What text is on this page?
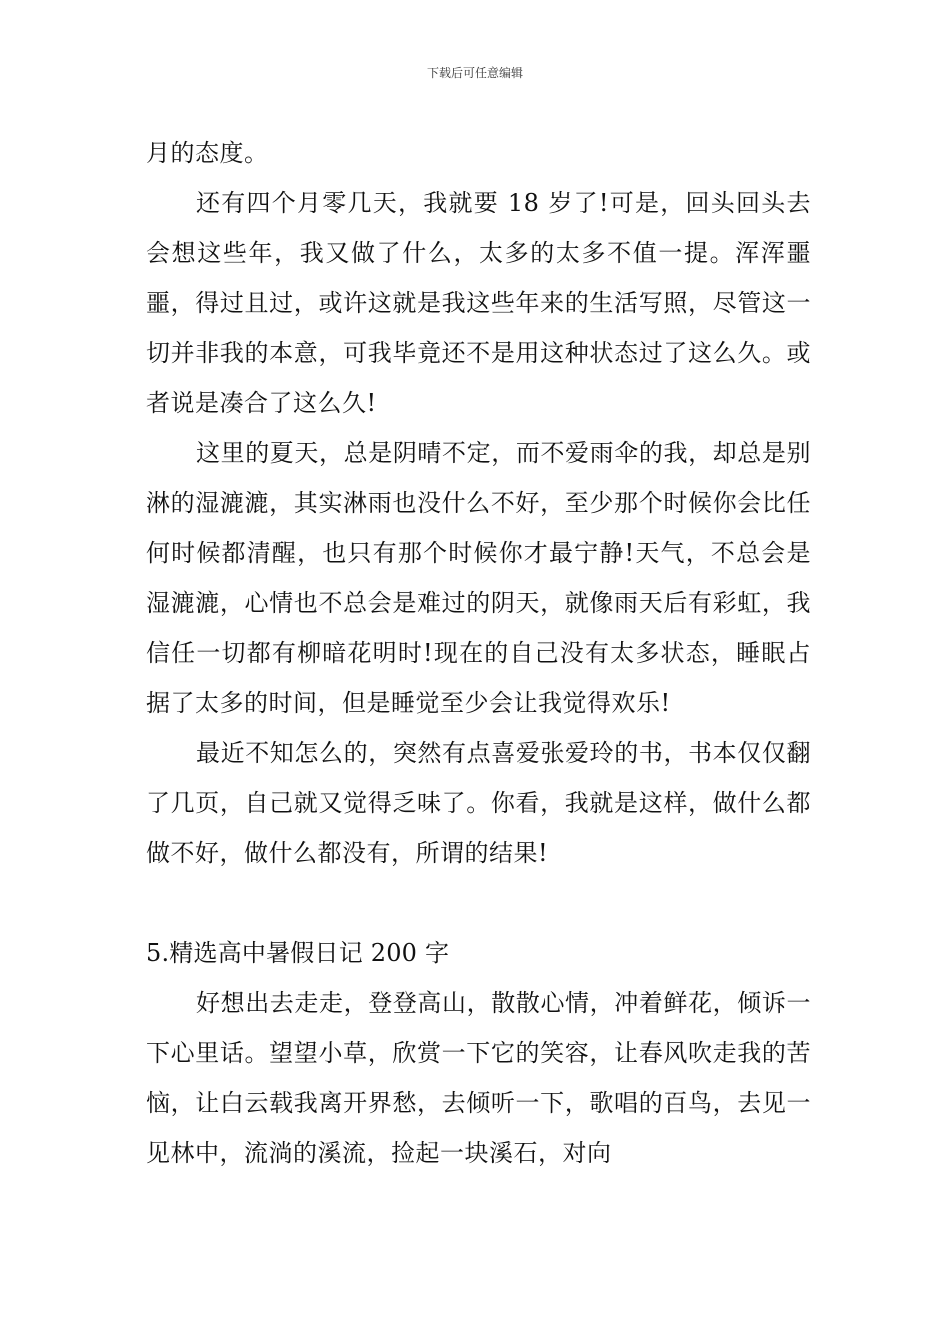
下载后可任意编辑

月的态度。

还有四个月零几天，我就要 18 岁了!可是，回头回头去会想这些年，我又做了什么，太多的太多不值一提。浑浑噩噩，得过且过，或许这就是我这些年来的生活写照，尽管这一切并非我的本意，可我毕竟还不是用这种状态过了这么久。或者说是凑合了这么久!

这里的夏天，总是阴晴不定，而不爱雨伞的我，却总是别淋的湿漉漉，其实淋雨也没什么不好，至少那个时候你会比任何时候都清醒，也只有那个时候你才最宁静!天气，不总会是湿漉漉，心情也不总会是难过的阴天，就像雨天后有彩虹，我信任一切都有柳暗花明时!现在的自己没有太多状态，睡眠占据了太多的时间，但是睡觉至少会让我觉得欢乐!

最近不知怎么的，突然有点喜爱张爱玲的书，书本仅仅翻了几页，自己就又觉得乏味了。你看，我就是这样，做什么都做不好，做什么都没有，所谓的结果!

5.精选高中暑假日记 200 字

好想出去走走，登登高山，散散心情，冲着鲜花，倾诉一下心里话。望望小草，欣赏一下它的笑容，让春风吹走我的苦恼，让白云载我离开界愁，去倾听一下，歌唱的百鸟，去见一见林中，流淌的溪流，捡起一块溪石，对向
